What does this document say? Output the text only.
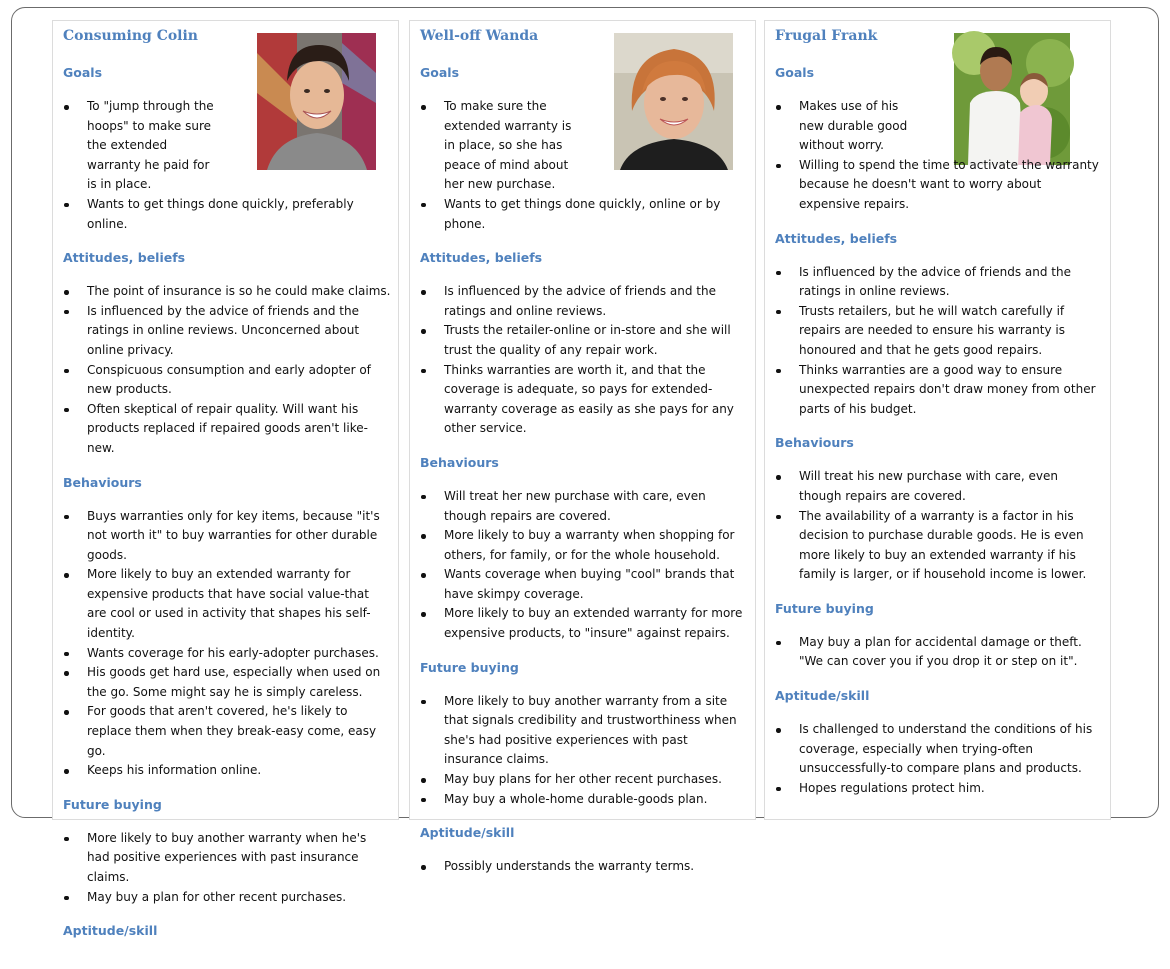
Consuming Colin
Goals
To "jump through the hoops" to make sure the extended warranty he paid for is in place.
Wants to get things done quickly, preferably online.
Attitudes, beliefs
The point of insurance is so he could make claims.
Is influenced by the advice of friends and the ratings in online reviews. Unconcerned about online privacy.
Conspicuous consumption and early adopter of new products.
Often skeptical of repair quality. Will want his products replaced if repaired goods aren't like-new.
Behaviours
Buys warranties only for key items, because "it's not worth it" to buy warranties for other durable goods.
More likely to buy an extended warranty for expensive products that have social value-that are cool or used in activity that shapes his self-identity.
Wants coverage for his early-adopter purchases.
His goods get hard use, especially when used on the go. Some might say he is simply careless.
For goods that aren't covered, he's likely to replace them when they break-easy come, easy go.
Keeps his information online.
Future buying
More likely to buy another warranty when he's had positive experiences with past insurance claims.
May buy a plan for other recent purchases.
Aptitude/skill
Well-off Wanda
Goals
To make sure the extended warranty is in place, so she has peace of mind about her new purchase.
Wants to get things done quickly, online or by phone.
Attitudes, beliefs
Is influenced by the advice of friends and the ratings and online reviews.
Trusts the retailer-online or in-store and she will trust the quality of any repair work.
Thinks warranties are worth it, and that the coverage is adequate, so pays for extended-warranty coverage as easily as she pays for any other service.
Behaviours
Will treat her new purchase with care, even though repairs are covered.
More likely to buy a warranty when shopping for others, for family, or for the whole household.
Wants coverage when buying "cool" brands that have skimpy coverage.
More likely to buy an extended warranty for more expensive products, to "insure" against repairs.
Future buying
More likely to buy another warranty from a site that signals credibility and trustworthiness when she's had positive experiences with past insurance claims.
May buy plans for her other recent purchases.
May buy a whole-home durable-goods plan.
Aptitude/skill
Possibly understands the warranty terms.
Frugal Frank
Goals
Makes use of his new durable good without worry.
Willing to spend the time to activate the warranty because he doesn't want to worry about expensive repairs.
Attitudes, beliefs
Is influenced by the advice of friends and the ratings in online reviews.
Trusts retailers, but he will watch carefully if repairs are needed to ensure his warranty is honoured and that he gets good repairs.
Thinks warranties are a good way to ensure unexpected repairs don't draw money from other parts of his budget.
Behaviours
Will treat his new purchase with care, even though repairs are covered.
The availability of a warranty is a factor in his decision to purchase durable goods. He is even more likely to buy an extended warranty if his family is larger, or if household income is lower.
Future buying
May buy a plan for accidental damage or theft. "We can cover you if you drop it or step on it".
Aptitude/skill
Is challenged to understand the conditions of his coverage, especially when trying-often unsuccessfully-to compare plans and products.
Hopes regulations protect him.
